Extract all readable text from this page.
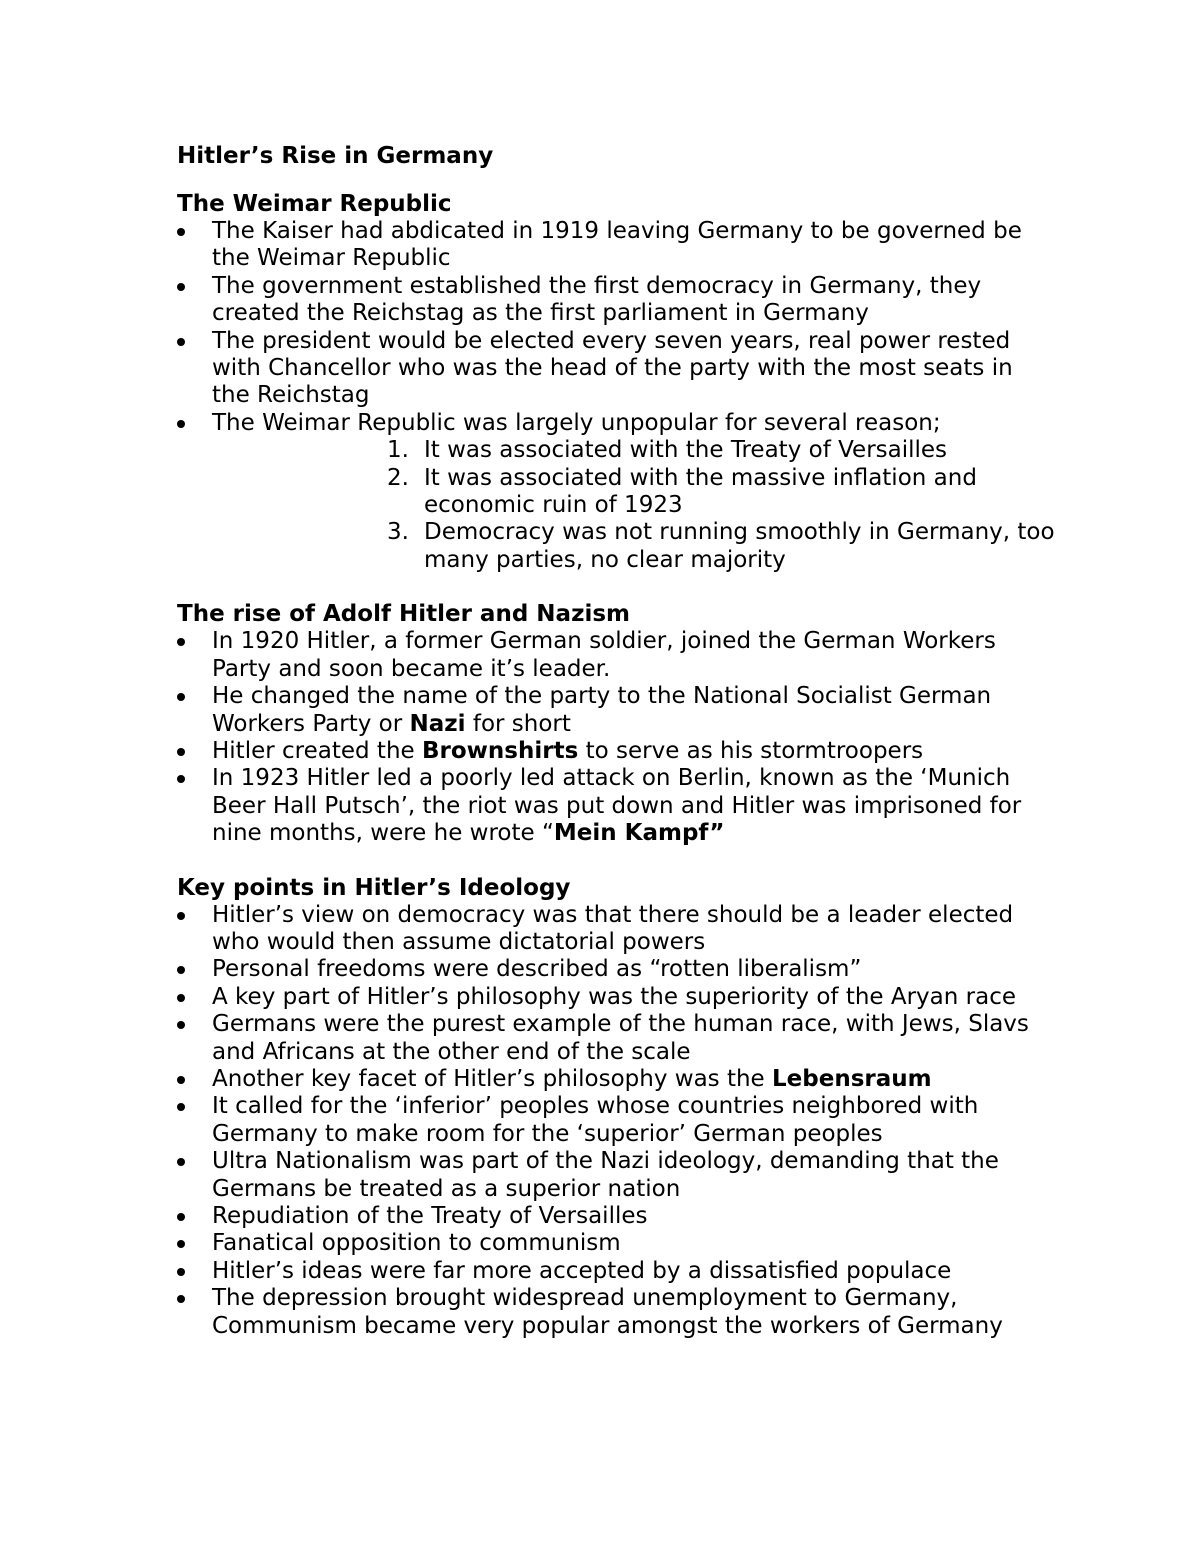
Hitler’s Rise in Germany
The Weimar Republic
The Kaiser had abdicated in 1919 leaving Germany to be governed be the Weimar Republic
The government established the first democracy in Germany, they created the Reichstag as the first parliament in Germany
The president would be elected every seven years, real power rested with Chancellor who was the head of the party with the most seats in the Reichstag
The Weimar Republic was largely unpopular for several reason;
1. It was associated with the Treaty of Versailles
2. It was associated with the massive inflation and economic ruin of 1923
3. Democracy was not running smoothly in Germany, too many parties, no clear majority
The rise of Adolf Hitler and Nazism
In 1920 Hitler, a former German soldier, joined the German Workers Party and soon became it’s leader.
He changed the name of the party to the National Socialist German Workers Party or Nazi for short
Hitler created the Brownshirts to serve as his stormtroopers
In 1923 Hitler led a poorly led attack on Berlin, known as the ‘Munich Beer Hall Putsch’, the riot was put down and Hitler was imprisoned for nine months, were he wrote “Mein Kampf”
Key points in Hitler’s Ideology
Hitler’s view on democracy was that there should be a leader elected who would then assume dictatorial powers
Personal freedoms were described as “rotten liberalism”
A key part of Hitler’s philosophy was the superiority of the Aryan race
Germans were the purest example of the human race, with Jews, Slavs and Africans at the other end of the scale
Another key facet of Hitler’s philosophy was the Lebensraum
It called for the ‘inferior’ peoples whose countries neighbored with Germany to make room for the ‘superior’ German peoples
Ultra Nationalism was part of the Nazi ideology, demanding that the Germans be treated as a superior nation
Repudiation of the Treaty of Versailles
Fanatical opposition to communism
Hitler’s ideas were far more accepted by a dissatisfied populace
The depression brought widespread unemployment to Germany, Communism became very popular amongst the workers of Germany
